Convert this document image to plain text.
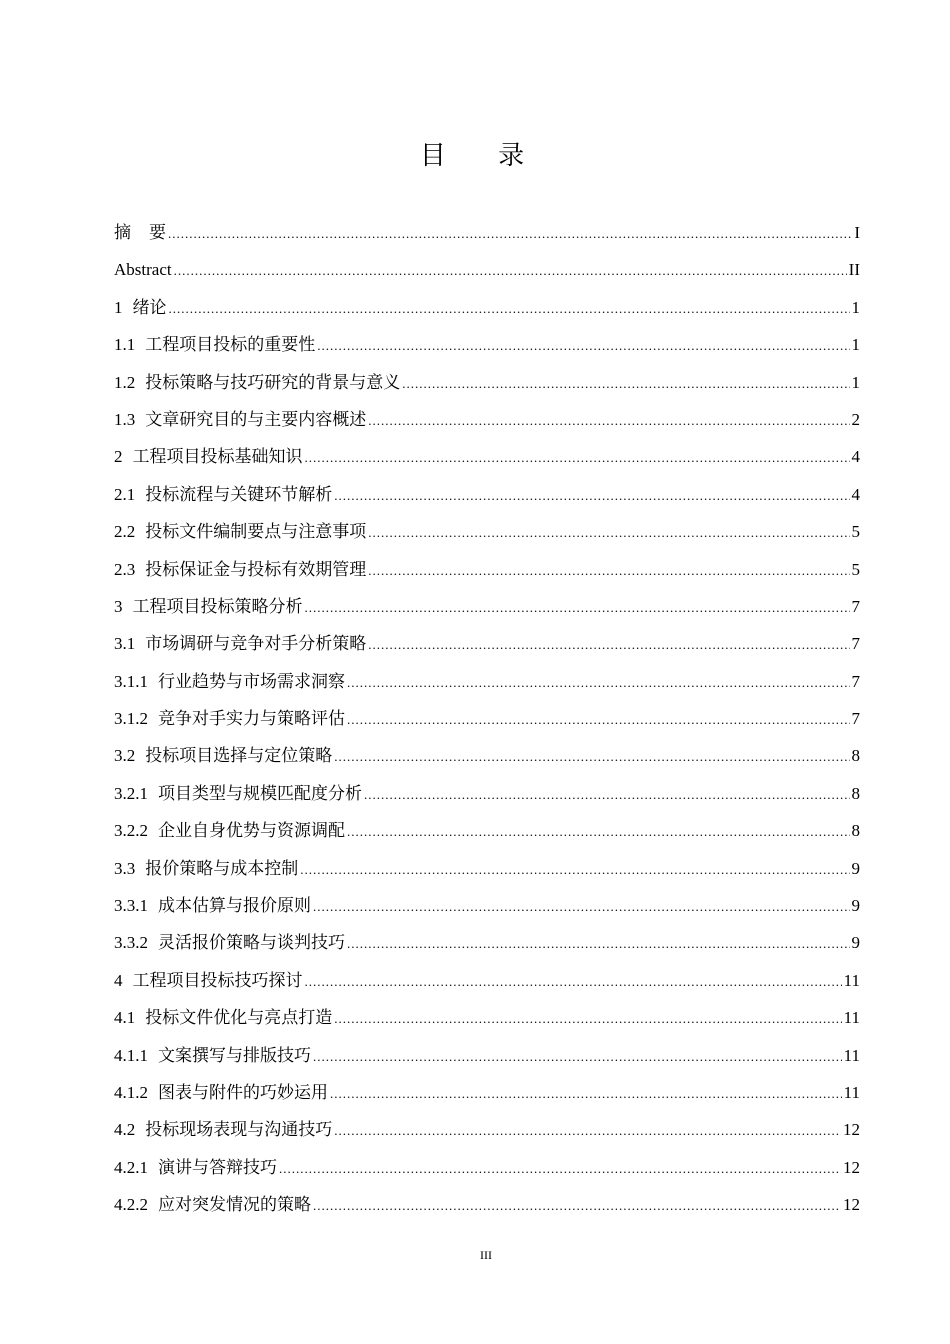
目 录
摘要 .....	I
Abstract .....	II
1 绪论 .....	1
1.1 工程项目投标的重要性 .....	1
1.2 投标策略与技巧研究的背景与意义 .....	1
1.3 文章研究目的与主要内容概述 .....	2
2 工程项目投标基础知识 .....	4
2.1 投标流程与关键环节解析 .....	4
2.2 投标文件编制要点与注意事项 .....	5
2.3 投标保证金与投标有效期管理 .....	5
3 工程项目投标策略分析 .....	7
3.1 市场调研与竞争对手分析策略 .....	7
3.1.1 行业趋势与市场需求洞察 .....	7
3.1.2 竞争对手实力与策略评估 .....	7
3.2 投标项目选择与定位策略 .....	8
3.2.1 项目类型与规模匹配度分析 .....	8
3.2.2 企业自身优势与资源调配 .....	8
3.3 报价策略与成本控制 .....	9
3.3.1 成本估算与报价原则 .....	9
3.3.2 灵活报价策略与谈判技巧 .....	9
4 工程项目投标技巧探讨 .....	11
4.1 投标文件优化与亮点打造 .....	11
4.1.1 文案撰写与排版技巧 .....	11
4.1.2 图表与附件的巧妙运用 .....	11
4.2 投标现场表现与沟通技巧 .....	12
4.2.1 演讲与答辩技巧 .....	12
4.2.2 应对突发情况的策略 .....	12
III
